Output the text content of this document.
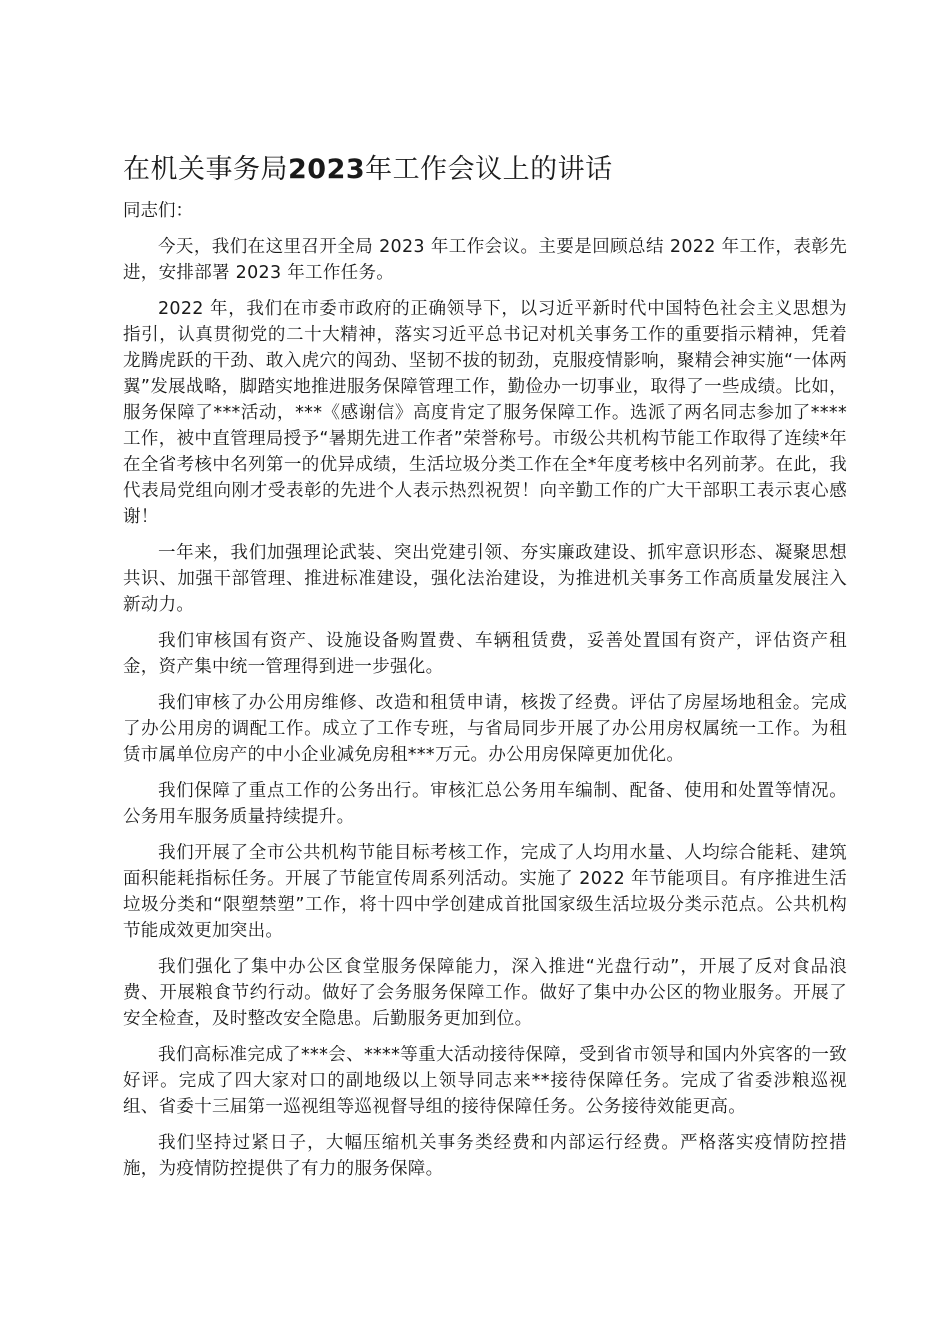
在机关事务局2023年工作会议上的讲话

同志们：

今天，我们在这里召开全局 2023 年工作会议。主要是回顾总结 2022 年工作，表彰先进，安排部署 2023 年工作任务。

2022 年，我们在市委市政府的正确领导下，以习近平新时代中国特色社会主义思想为指引，认真贯彻党的二十大精神，落实习近平总书记对机关事务工作的重要指示精神，凭着龙腾虎跃的干劲、敢入虎穴的闯劲、坚韧不拔的韧劲，克服疫情影响，聚精会神实施“一体两翼”发展战略，脚踏实地推进服务保障管理工作，勤俭办一切事业，取得了一些成绩。比如，服务保障了***活动，***《感谢信》高度肯定了服务保障工作。选派了两名同志参加了****工作，被中直管理局授予“暑期先进工作者”荣誉称号。市级公共机构节能工作取得了连续*年在全省考核中名列第一的优异成绩，生活垃圾分类工作在全*年度考核中名列前茅。在此，我代表局党组向刚才受表彰的先进个人表示热烈祝贺！向辛勤工作的广大干部职工表示衷心感谢！

一年来，我们加强理论武装、突出党建引领、夯实廉政建设、抓牢意识形态、凝聚思想共识、加强干部管理、推进标准建设，强化法治建设，为推进机关事务工作高质量发展注入新动力。

我们审核国有资产、设施设备购置费、车辆租赁费，妥善处置国有资产，评估资产租金，资产集中统一管理得到进一步强化。

我们审核了办公用房维修、改造和租赁申请，核拨了经费。评估了房屋场地租金。完成了办公用房的调配工作。成立了工作专班，与省局同步开展了办公用房权属统一工作。为租赁市属单位房产的中小企业减免房租***万元。办公用房保障更加优化。

我们保障了重点工作的公务出行。审核汇总公务用车编制、配备、使用和处置等情况。公务用车服务质量持续提升。

我们开展了全市公共机构节能目标考核工作，完成了人均用水量、人均综合能耗、建筑面积能耗指标任务。开展了节能宣传周系列活动。实施了 2022 年节能项目。有序推进生活垃圾分类和“限塑禁塑”工作，将十四中学创建成首批国家级生活垃圾分类示范点。公共机构节能成效更加突出。

我们强化了集中办公区食堂服务保障能力，深入推进“光盘行动”，开展了反对食品浪费、开展粮食节约行动。做好了会务服务保障工作。做好了集中办公区的物业服务。开展了安全检查，及时整改安全隐患。后勤服务更加到位。

我们高标准完成了***会、****等重大活动接待保障，受到省市领导和国内外宾客的一致好评。完成了四大家对口的副地级以上领导同志来**接待保障任务。完成了省委涉粮巡视组、省委十三届第一巡视组等巡视督导组的接待保障任务。公务接待效能更高。

我们坚持过紧日子，大幅压缩机关事务类经费和内部运行经费。严格落实疫情防控措施，为疫情防控提供了有力的服务保障。
